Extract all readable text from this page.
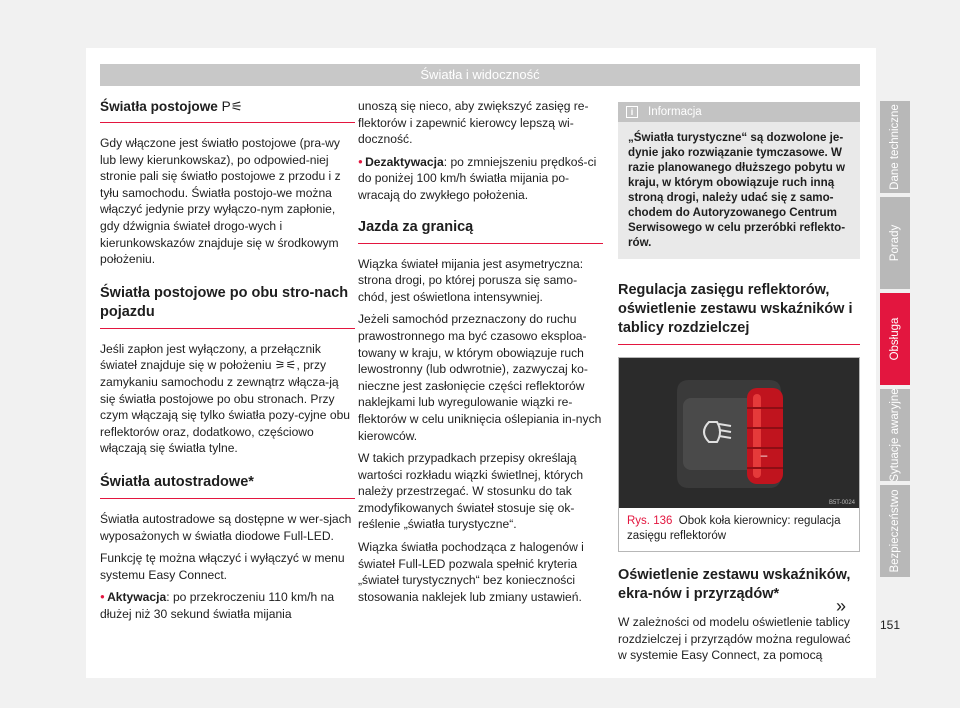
Światła i widoczność
Światła postojowe P⚟

Gdy włączone jest światło postojowe (pra-wy lub lewy kierunkowskaz), po odpowied-niej stronie pali się światło postojowe z przodu i z tyłu samochodu. Światła postojo-we można włączyć jedynie przy wyłączo-nym zapłonie, gdy dźwignia świateł drogo-wych i kierunkowskazów znajduje się w środkowym położeniu.

Światła postojowe po obu stro-nach pojazdu

Jeśli zapłon jest wyłączony, a przełącznik świateł znajduje się w położeniu ⚞⚟, przy zamykaniu samochodu z zewnątrz włącza-ją się światła postojowe po obu stronach. Przy czym włączają się tylko światła pozy-cyjne obu reflektorów oraz, dodatkowo, częściowo włączają się światła tylne.

Światła autostradowe*

Światła autostradowe są dostępne w wer-sjach wyposażonych w światła diodowe Full-LED.

Funkcję tę można włączyć i wyłączyć w menu systemu Easy Connect.

● Aktywacja: po przekroczeniu 110 km/h na dłużej niż 30 sekund światła mijania

unoszą się nieco, aby zwiększyć zasięg re-flektorów i zapewnić kierowcy lepszą wi-doczność.

● Dezaktywacja: po zmniejszeniu prędkoś-ci do poniżej 100 km/h światła mijania po-wracają do zwykłego położenia.

Jazda za granicą

Wiązka świateł mijania jest asymetryczna: strona drogi, po której porusza się samo-chód, jest oświetlona intensywniej.

Jeżeli samochód przeznaczony do ruchu prawostronnego ma być czasowo eksploa-towany w kraju, w którym obowiązuje ruch lewostronny (lub odwrotnie), zazwyczaj ko-nieczne jest zasłonięcie części reflektorów naklejkami lub wyregulowanie wiązki re-flektorów w celu uniknięcia oślepiania in-nych kierowców.

W takich przypadkach przepisy określają wartości rozkładu wiązki świetlnej, których należy przestrzegać. W stosunku do tak zmodyfikowanych świateł stosuje się ok-reślenie „światła turystyczne“.

Wiązka światła pochodząca z halogenów i świateł Full-LED pozwala spełnić kryteria „świateł turystycznych“ bez konieczności stosowania naklejek lub zmiany ustawień.

i Informacja
„Światła turystyczne“ są dozwolone je-dynie jako rozwiązanie tymczasowe. W razie planowanego dłuższego pobytu w kraju, w którym obowiązuje ruch inną stroną drogi, należy udać się z samo-chodem do Autoryzowanego Centrum Serwisowego w celu przeróbki reflekto-rów.
Regulacja zasięgu reflektorów, oświetlenie zestawu wskaźników i tablicy rozdzielczej
–
B5T-0024
Rys. 136 Obok koła kierownicy: regulacja zasięgu reflektorów
Oświetlenie zestawu wskaźników, ekra-nów i przyrządów*

W zależności od modelu oświetlenie tablicy rozdzielczej i przyrządów można regulować w systemie Easy Connect, za pomocą

»
Dane techniczne
Porady
Obsługa
Sytuacje awaryjne
Bezpieczeństwo
151
